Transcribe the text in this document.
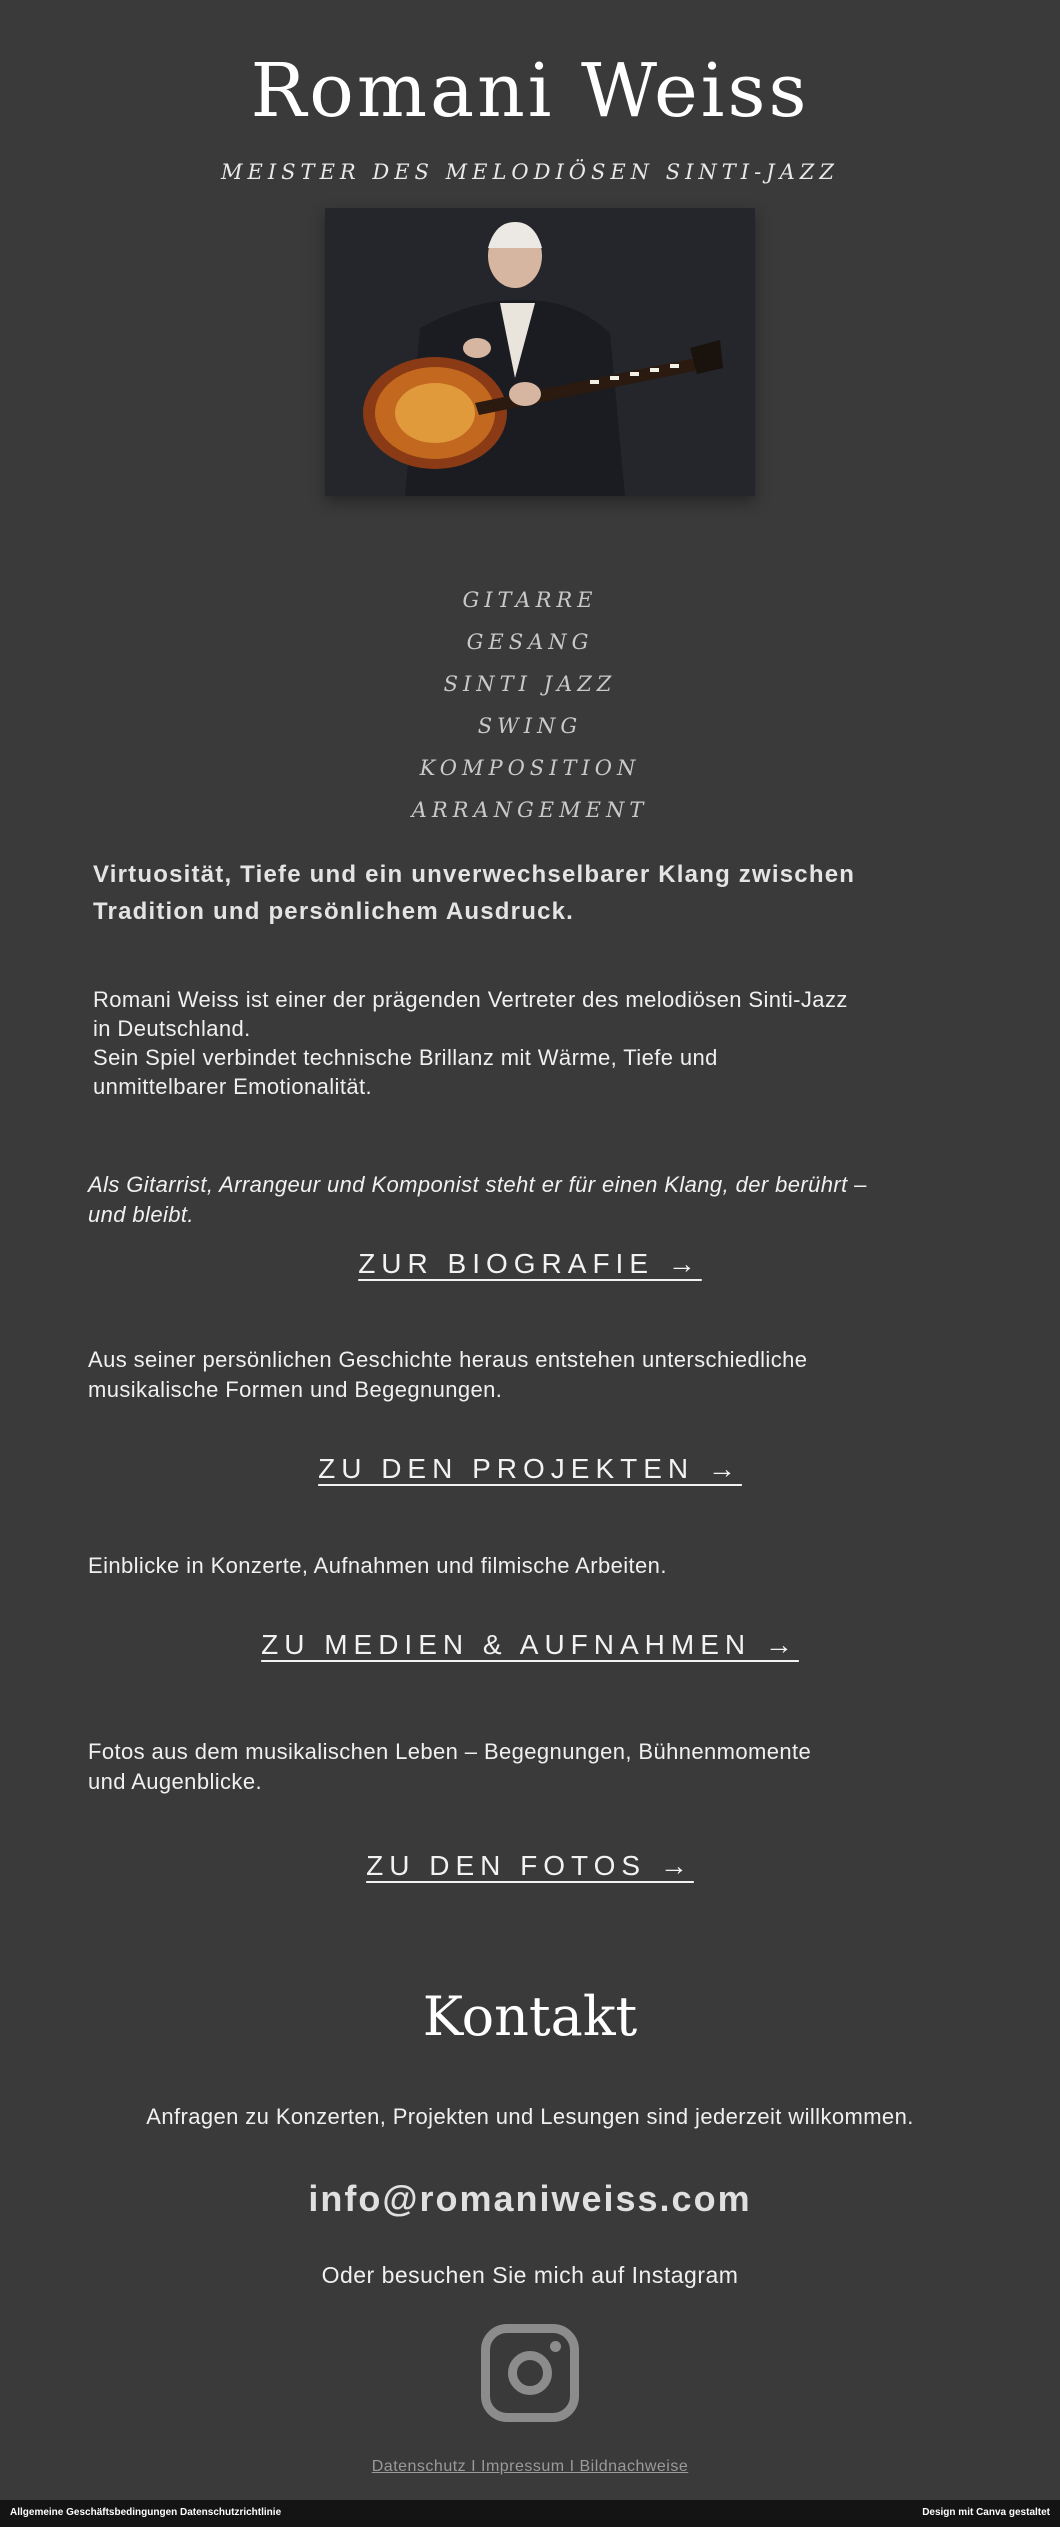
Romani Weiss
MEISTER DES MELODIÖSEN SINTI-JAZZ
GITARRE
GESANG
SINTI JAZZ
SWING
KOMPOSITION
ARRANGEMENT
Virtuosität, Tiefe und ein unverwechselbarer Klang zwischen Tradition und persönlichem Ausdruck.
Romani Weiss ist einer der prägenden Vertreter des melodiösen Sinti-Jazz
in Deutschland.
Sein Spiel verbindet technische Brillanz mit Wärme, Tiefe und
unmittelbarer Emotionalität.
Als Gitarrist, Arrangeur und Komponist steht er für einen Klang, der berührt –
und bleibt.
ZUR BIOGRAFIE →
Aus seiner persönlichen Geschichte heraus entstehen unterschiedliche
musikalische Formen und Begegnungen.
ZU DEN PROJEKTEN →
Einblicke in Konzerte, Aufnahmen und filmische Arbeiten.
ZU MEDIEN & AUFNAHMEN →
Fotos aus dem musikalischen Leben – Begegnungen, Bühnenmomente
und Augenblicke.
ZU DEN FOTOS →
Kontakt
Anfragen zu Konzerten, Projekten und Lesungen sind jederzeit willkommen.
info@romaniweiss.com
Oder besuchen Sie mich auf Instagram
Datenschutz I Impressum I Bildnachweise
Allgemeine Geschäftsbedingungen Datenschutzrichtlinie	Design mit Canva gestaltet
